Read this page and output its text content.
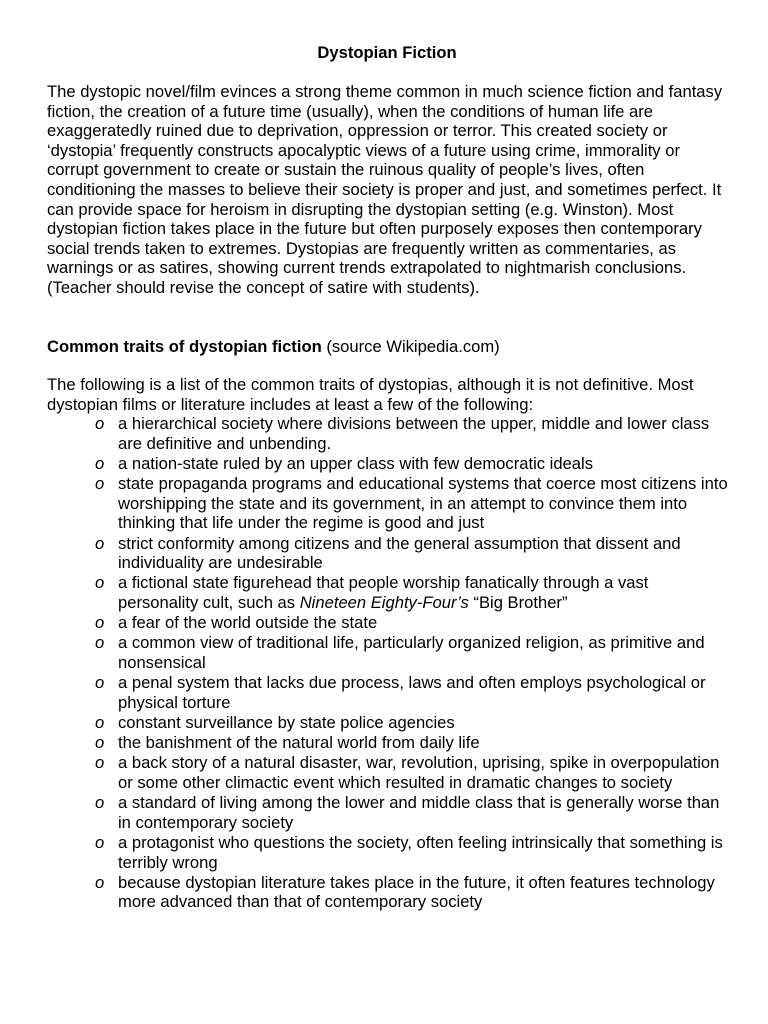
Dystopian Fiction

The dystopic novel/film evinces a strong theme common in much science fiction and fantasy fiction, the creation of a future time (usually), when the conditions of human life are exaggeratedly ruined due to deprivation, oppression or terror. This created society or ‘dystopia’ frequently constructs apocalyptic views of a future using crime, immorality or corrupt government to create or sustain the ruinous quality of people’s lives, often conditioning the masses to believe their society is proper and just, and sometimes perfect. It can provide space for heroism in disrupting the dystopian setting (e.g. Winston). Most dystopian fiction takes place in the future but often purposely exposes then contemporary social trends taken to extremes. Dystopias are frequently written as commentaries, as warnings or as satires, showing current trends extrapolated to nightmarish conclusions. (Teacher should revise the concept of satire with students).

Common traits of dystopian fiction (source Wikipedia.com)

The following is a list of the common traits of dystopias, although it is not definitive. Most dystopian films or literature includes at least a few of the following:

o a hierarchical society where divisions between the upper, middle and lower class are definitive and unbending.
o a nation-state ruled by an upper class with few democratic ideals
o state propaganda programs and educational systems that coerce most citizens into worshipping the state and its government, in an attempt to convince them into thinking that life under the regime is good and just
o strict conformity among citizens and the general assumption that dissent and individuality are undesirable
o a fictional state figurehead that people worship fanatically through a vast personality cult, such as Nineteen Eighty-Four’s “Big Brother”
o a fear of the world outside the state
o a common view of traditional life, particularly organized religion, as primitive and nonsensical
o a penal system that lacks due process, laws and often employs psychological or physical torture
o constant surveillance by state police agencies
o the banishment of the natural world from daily life
o a back story of a natural disaster, war, revolution, uprising, spike in overpopulation or some other climactic event which resulted in dramatic changes to society
o a standard of living among the lower and middle class that is generally worse than in contemporary society
o a protagonist who questions the society, often feeling intrinsically that something is terribly wrong
o because dystopian literature takes place in the future, it often features technology more advanced than that of contemporary society
